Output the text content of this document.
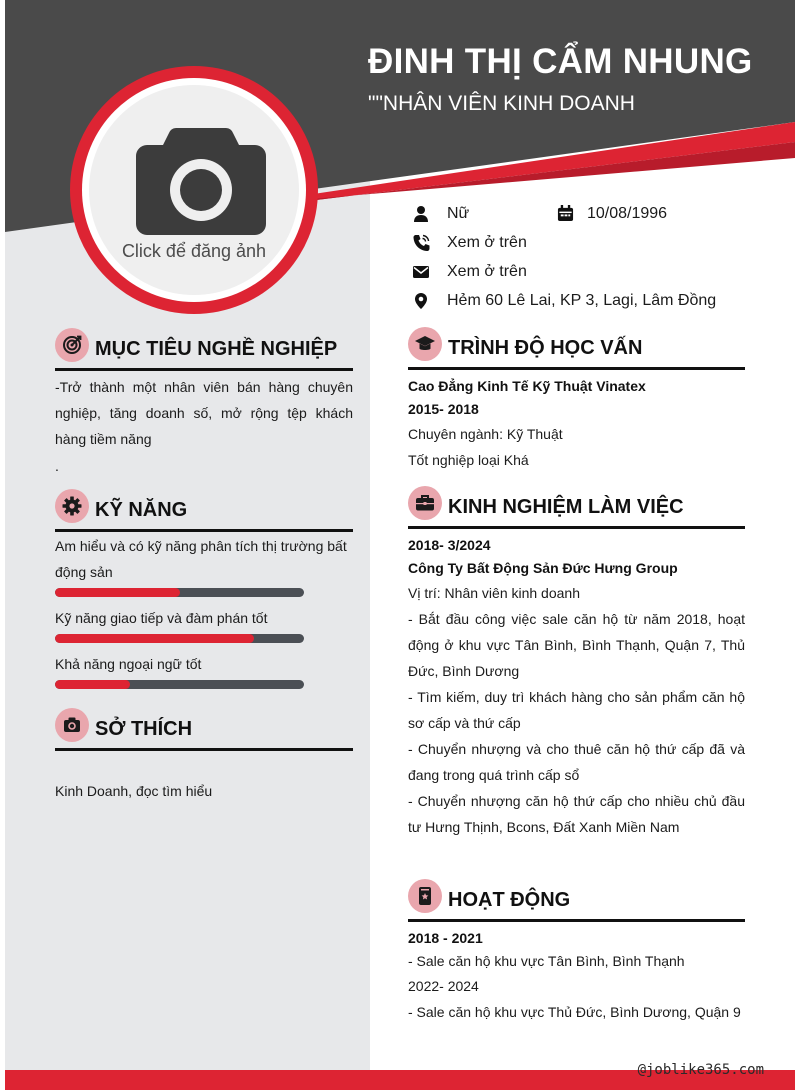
ĐINH THỊ CẨM NHUNG
""NHÂN VIÊN KINH DOANH
Click để đăng ảnh
Nữ	10/08/1996
Xem ở trên
Xem ở trên
Hẻm 60 Lê Lai, KP 3, Lagi, Lâm Đồng
MỤC TIÊU NGHỀ NGHIỆP
-Trở thành một nhân viên bán hàng chuyên nghiệp, tăng doanh số, mở rộng tệp khách hàng tiềm năng
.
KỸ NĂNG
Am hiểu và có kỹ năng phân tích thị trường bất động sản
Kỹ năng giao tiếp và đàm phán tốt
Khả năng ngoại ngữ tốt
SỞ THÍCH
Kinh Doanh, đọc tìm hiểu
TRÌNH ĐỘ HỌC VẤN
Cao Đẳng Kinh Tế Kỹ Thuật Vinatex
2015- 2018
Chuyên ngành: Kỹ Thuật
Tốt nghiệp loại Khá
KINH NGHIỆM LÀM VIỆC
2018- 3/2024
Công Ty Bất Động Sản Đức Hưng Group
Vị trí: Nhân viên kinh doanh
- Bắt đầu công việc sale căn hộ từ năm 2018, hoạt động ở khu vực Tân Bình, Bình Thạnh, Quận 7, Thủ Đức, Bình Dương
- Tìm kiếm, duy trì khách hàng cho sản phẩm căn hộ sơ cấp và thứ cấp
- Chuyển nhượng và cho thuê căn hộ thứ cấp đã và đang trong quá trình cấp sổ
- Chuyển nhượng căn hộ thứ cấp cho nhiều chủ đầu tư Hưng Thịnh, Bcons, Đất Xanh Miền Nam
HOẠT ĐỘNG
2018 - 2021
- Sale căn hộ khu vực Tân Bình, Bình Thạnh
2022- 2024
- Sale căn hộ khu vực Thủ Đức, Bình Dương, Quận 9
@joblike365.com
